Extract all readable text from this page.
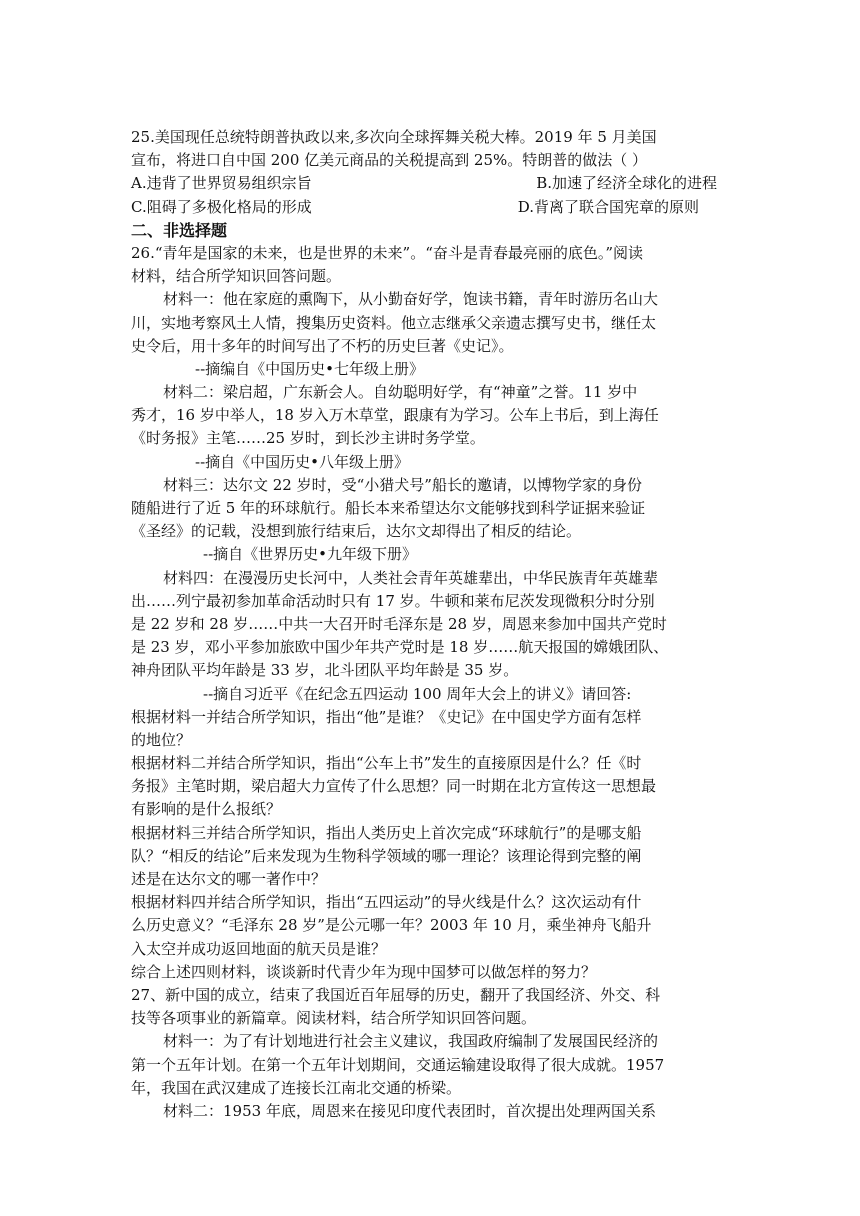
25.美国现任总统特朗普执政以来,多次向全球挥舞关税大棒。2019 年 5 月美国
宣布，将进口自中国 200 亿美元商品的关税提高到 25%。特朗普的做法（ ）
A.违背了世界贸易组织宗旨	B.加速了经济全球化的进程
C.阻碍了多极化格局的形成	D.背离了联合国宪章的原则
二、非选择题
26.“青年是国家的未来，也是世界的未来”。“奋斗是青春最亮丽的底色。”阅读
材料，结合所学知识回答问题。
材料一：他在家庭的熏陶下，从小勤奋好学，饱读书籍，青年时游历名山大
川，实地考察风土人情，搜集历史资料。他立志继承父亲遗志撰写史书，继任太
史令后，用十多年的时间写出了不朽的历史巨著《史记》。
--摘编自《中国历史•七年级上册》
材料二：梁启超，广东新会人。自幼聪明好学，有“神童”之誉。11 岁中
秀才，16 岁中举人，18 岁入万木草堂，跟康有为学习。公车上书后，到上海任
《时务报》主笔……25 岁时，到长沙主讲时务学堂。
--摘自《中国历史•八年级上册》
材料三：达尔文 22 岁时，受“小猎犬号”船长的邀请，以博物学家的身份
随船进行了近 5 年的环球航行。船长本来希望达尔文能够找到科学证据来验证
《圣经》的记载，没想到旅行结束后，达尔文却得出了相反的结论。
--摘自《世界历史•九年级下册》
材料四：在漫漫历史长河中，人类社会青年英雄辈出，中华民族青年英雄辈
出……列宁最初参加革命活动时只有 17 岁。牛顿和莱布尼茨发现微积分时分别
是 22 岁和 28 岁……中共一大召开时毛泽东是 28 岁，周恩来参加中国共产党时
是 23 岁，邓小平参加旅欧中国少年共产党时是 18 岁……航天报国的嫦娥团队、
神舟团队平均年龄是 33 岁，北斗团队平均年龄是 35 岁。
--摘自习近平《在纪念五四运动 100 周年大会上的讲义》请回答:
根据材料一并结合所学知识，指出“他”是谁？《史记》在中国史学方面有怎样
的地位？
根据材料二并结合所学知识，指出“公车上书”发生的直接原因是什么？任《时
务报》主笔时期，梁启超大力宣传了什么思想？同一时期在北方宣传这一思想最
有影响的是什么报纸？
根据材料三并结合所学知识，指出人类历史上首次完成“环球航行”的是哪支船
队？“相反的结论”后来发现为生物科学领域的哪一理论？该理论得到完整的阐
述是在达尔文的哪一著作中？
根据材料四并结合所学知识，指出“五四运动”的导火线是什么？这次运动有什
么历史意义？“毛泽东 28 岁”是公元哪一年？2003 年 10 月，乘坐神舟飞船升
入太空并成功返回地面的航天员是谁？
综合上述四则材料，谈谈新时代青少年为现中国梦可以做怎样的努力？
27、新中国的成立，结束了我国近百年屈辱的历史，翻开了我国经济、外交、科
技等各项事业的新篇章。阅读材料，结合所学知识回答问题。
材料一：为了有计划地进行社会主义建议，我国政府编制了发展国民经济的
第一个五年计划。在第一个五年计划期间，交通运输建设取得了很大成就。1957
年，我国在武汉建成了连接长江南北交通的桥梁。
材料二：1953 年底，周恩来在接见印度代表团时，首次提出处理两国关系
